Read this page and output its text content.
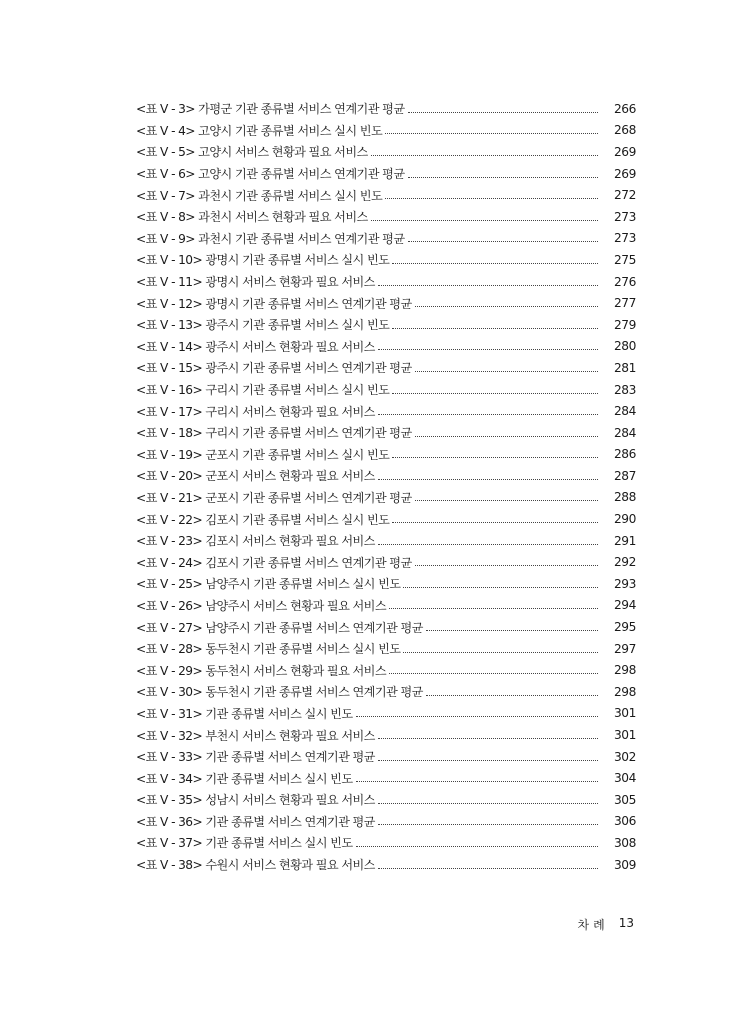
<표 Ⅴ - 3> 가평군 기관 종류별 서비스 연계기관 평균	266
<표 Ⅴ - 4> 고양시 기관 종류별 서비스 실시 빈도	268
<표 Ⅴ - 5> 고양시 서비스 현황과 필요 서비스	269
<표 Ⅴ - 6> 고양시 기관 종류별 서비스 연계기관 평균	269
<표 Ⅴ - 7> 과천시 기관 종류별 서비스 실시 빈도	272
<표 Ⅴ - 8> 과천시 서비스 현황과 필요 서비스	273
<표 Ⅴ - 9> 과천시 기관 종류별 서비스 연계기관 평균	273
<표 Ⅴ - 10> 광명시 기관 종류별 서비스 실시 빈도	275
<표 Ⅴ - 11> 광명시 서비스 현황과 필요 서비스	276
<표 Ⅴ - 12> 광명시 기관 종류별 서비스 연계기관 평균	277
<표 Ⅴ - 13> 광주시 기관 종류별 서비스 실시 빈도	279
<표 Ⅴ - 14> 광주시 서비스 현황과 필요 서비스	280
<표 Ⅴ - 15> 광주시 기관 종류별 서비스 연계기관 평균	281
<표 Ⅴ - 16> 구리시 기관 종류별 서비스 실시 빈도	283
<표 Ⅴ - 17> 구리시 서비스 현황과 필요 서비스	284
<표 Ⅴ - 18> 구리시 기관 종류별 서비스 연계기관 평균	284
<표 Ⅴ - 19> 군포시 기관 종류별 서비스 실시 빈도	286
<표 Ⅴ - 20> 군포시 서비스 현황과 필요 서비스	287
<표 Ⅴ - 21> 군포시 기관 종류별 서비스 연계기관 평균	288
<표 Ⅴ - 22> 김포시 기관 종류별 서비스 실시 빈도	290
<표 Ⅴ - 23> 김포시 서비스 현황과 필요 서비스	291
<표 Ⅴ - 24> 김포시 기관 종류별 서비스 연계기관 평균	292
<표 Ⅴ - 25> 남양주시 기관 종류별 서비스 실시 빈도	293
<표 Ⅴ - 26> 남양주시 서비스 현황과 필요 서비스	294
<표 Ⅴ - 27> 남양주시 기관 종류별 서비스 연계기관 평균	295
<표 Ⅴ - 28> 동두천시 기관 종류별 서비스 실시 빈도	297
<표 Ⅴ - 29> 동두천시 서비스 현황과 필요 서비스	298
<표 Ⅴ - 30> 동두천시 기관 종류별 서비스 연계기관 평균	298
<표 Ⅴ - 31> 기관 종류별 서비스 실시 빈도	301
<표 Ⅴ - 32> 부천시 서비스 현황과 필요 서비스	301
<표 Ⅴ - 33> 기관 종류별 서비스 연계기관 평균	302
<표 Ⅴ - 34> 기관 종류별 서비스 실시 빈도	304
<표 Ⅴ - 35> 성남시 서비스 현황과 필요 서비스	305
<표 Ⅴ - 36> 기관 종류별 서비스 연계기관 평균	306
<표 Ⅴ - 37> 기관 종류별 서비스 실시 빈도	308
<표 Ⅴ - 38> 수원시 서비스 현황과 필요 서비스	309
차례 13
